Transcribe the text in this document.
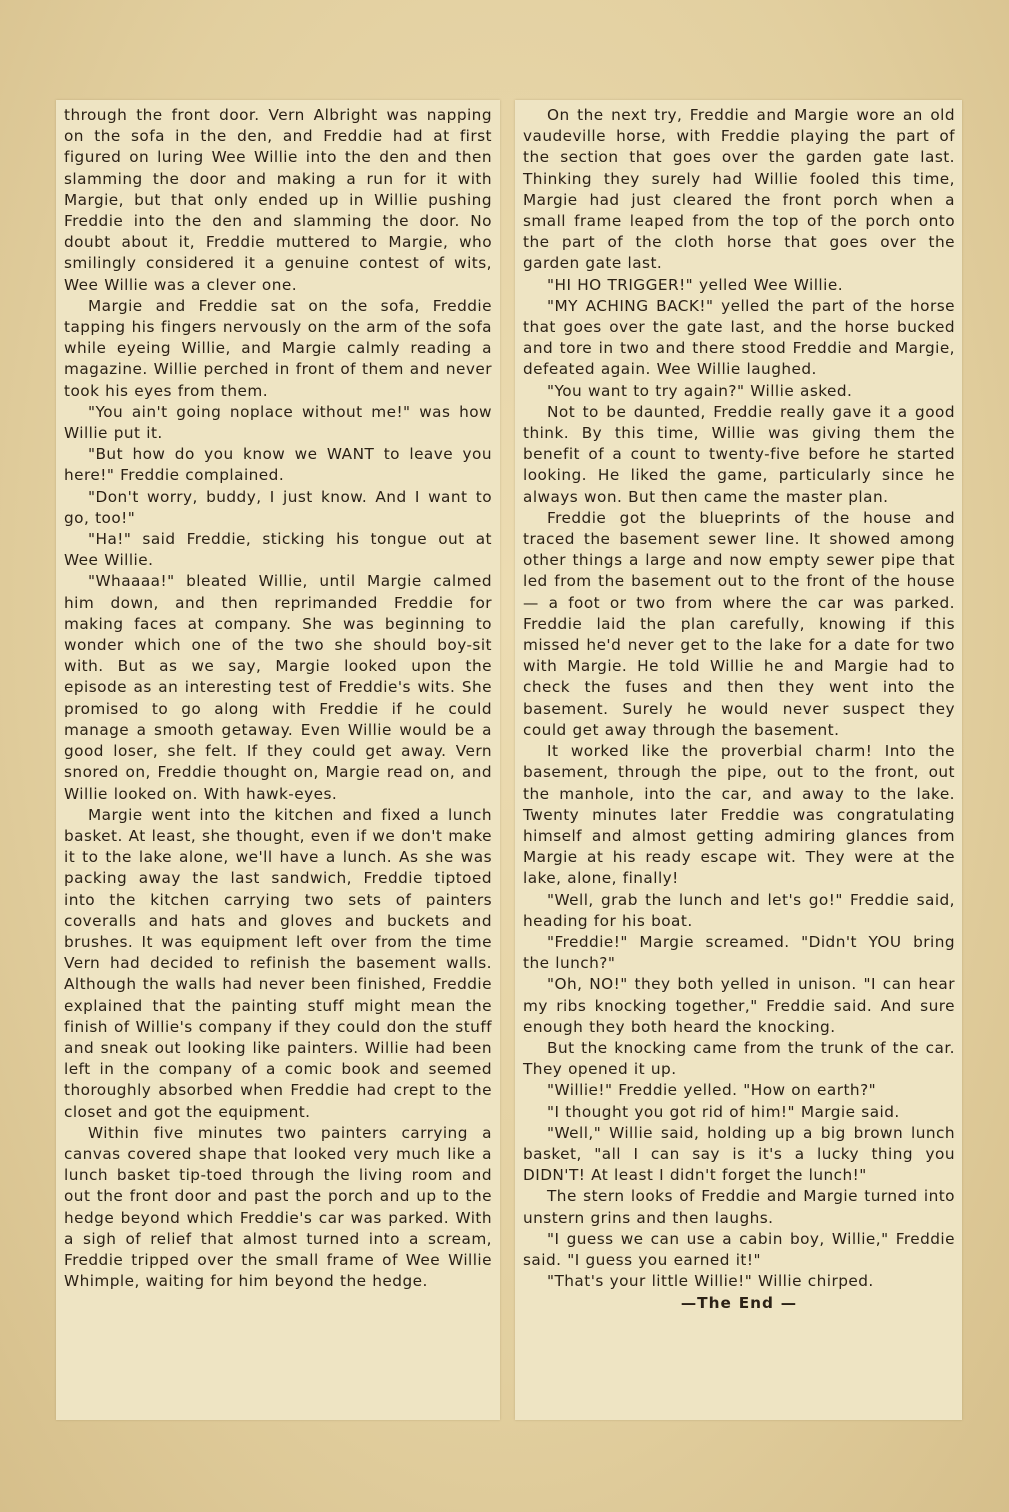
through the front door. Vern Albright was napping on the sofa in the den, and Freddie had at first figured on luring Wee Willie into the den and then slamming the door and making a run for it with Margie, but that only ended up in Willie pushing Freddie into the den and slamming the door. No doubt about it, Freddie muttered to Margie, who smilingly considered it a genuine contest of wits, Wee Willie was a clever one.

Margie and Freddie sat on the sofa, Freddie tapping his fingers nervously on the arm of the sofa while eyeing Willie, and Margie calmly reading a magazine. Willie perched in front of them and never took his eyes from them.

"You ain't going noplace without me!" was how Willie put it.

"But how do you know we WANT to leave you here!" Freddie complained.

"Don't worry, buddy, I just know. And I want to go, too!"

"Ha!" said Freddie, sticking his tongue out at Wee Willie.

"Whaaaa!" bleated Willie, until Margie calmed him down, and then reprimanded Freddie for making faces at company. She was beginning to wonder which one of the two she should boy-sit with. But as we say, Margie looked upon the episode as an interesting test of Freddie's wits. She promised to go along with Freddie if he could manage a smooth getaway. Even Willie would be a good loser, she felt. If they could get away. Vern snored on, Freddie thought on, Margie read on, and Willie looked on. With hawk-eyes.

Margie went into the kitchen and fixed a lunch basket. At least, she thought, even if we don't make it to the lake alone, we'll have a lunch. As she was packing away the last sandwich, Freddie tiptoed into the kitchen carrying two sets of painters coveralls and hats and gloves and buckets and brushes. It was equipment left over from the time Vern had decided to refinish the basement walls. Although the walls had never been finished, Freddie explained that the painting stuff might mean the finish of Willie's company if they could don the stuff and sneak out looking like painters. Willie had been left in the company of a comic book and seemed thoroughly absorbed when Freddie had crept to the closet and got the equipment.

Within five minutes two painters carrying a canvas covered shape that looked very much like a lunch basket tip-toed through the living room and out the front door and past the porch and up to the hedge beyond which Freddie's car was parked. With a sigh of relief that almost turned into a scream, Freddie tripped over the small frame of Wee Willie Whimple, waiting for him beyond the hedge.

On the next try, Freddie and Margie wore an old vaudeville horse, with Freddie playing the part of the section that goes over the garden gate last. Thinking they surely had Willie fooled this time, Margie had just cleared the front porch when a small frame leaped from the top of the porch onto the part of the cloth horse that goes over the garden gate last.

"HI HO TRIGGER!" yelled Wee Willie.

"MY ACHING BACK!" yelled the part of the horse that goes over the gate last, and the horse bucked and tore in two and there stood Freddie and Margie, defeated again. Wee Willie laughed.

"You want to try again?" Willie asked.

Not to be daunted, Freddie really gave it a good think. By this time, Willie was giving them the benefit of a count to twenty-five before he started looking. He liked the game, particularly since he always won. But then came the master plan.

Freddie got the blueprints of the house and traced the basement sewer line. It showed among other things a large and now empty sewer pipe that led from the basement out to the front of the house — a foot or two from where the car was parked. Freddie laid the plan carefully, knowing if this missed he'd never get to the lake for a date for two with Margie. He told Willie he and Margie had to check the fuses and then they went into the basement. Surely he would never suspect they could get away through the basement.

It worked like the proverbial charm! Into the basement, through the pipe, out to the front, out the manhole, into the car, and away to the lake. Twenty minutes later Freddie was congratulating himself and almost getting admiring glances from Margie at his ready escape wit. They were at the lake, alone, finally!

"Well, grab the lunch and let's go!" Freddie said, heading for his boat.

"Freddie!" Margie screamed. "Didn't YOU bring the lunch?"

"Oh, NO!" they both yelled in unison. "I can hear my ribs knocking together," Freddie said. And sure enough they both heard the knocking.

But the knocking came from the trunk of the car. They opened it up.

"Willie!" Freddie yelled. "How on earth?"

"I thought you got rid of him!" Margie said.

"Well," Willie said, holding up a big brown lunch basket, "all I can say is it's a lucky thing you DIDN'T! At least I didn't forget the lunch!"

The stern looks of Freddie and Margie turned into unstern grins and then laughs.

"I guess we can use a cabin boy, Willie," Freddie said. "I guess you earned it!"

"That's your little Willie!" Willie chirped.

—The End —
